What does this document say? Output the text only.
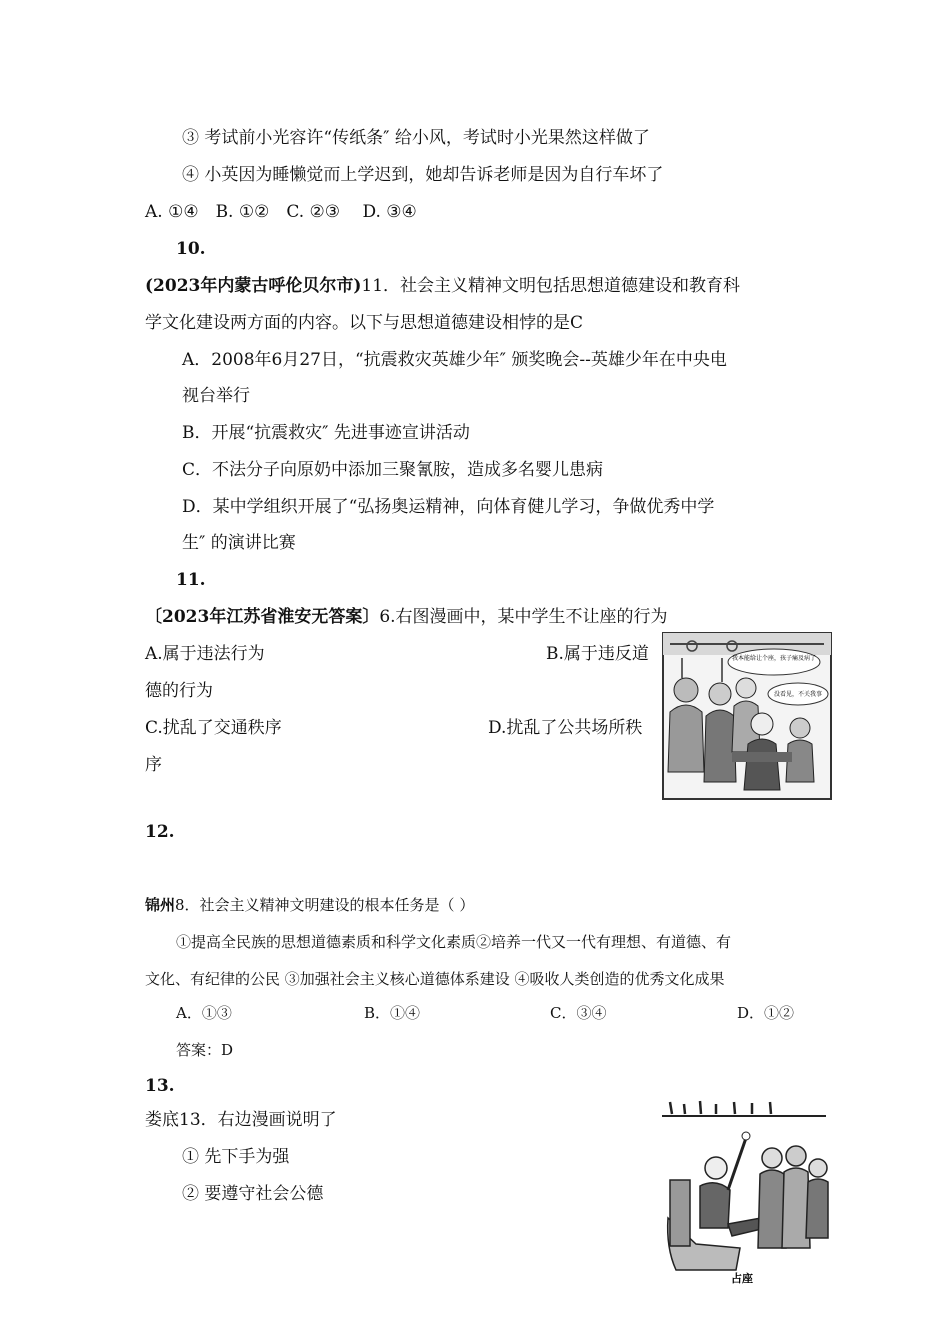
③ 考试前小光容许“传纸条″ 给小风，考试时小光果然这样做了
④ 小英因为睡懒觉而上学迟到，她却告诉老师是因为自行车坏了
A. ①④　B. ①②　C. ②③　 D. ③④
10.
(2023年内蒙古呼伦贝尔市)11．社会主义精神文明包括思想道德建设和教育科
学文化建设两方面的内容。以下与思想道德建设相悖的是C
A．2008年6月27日，“抗震救灾英雄少年″ 颁奖晚会--英雄少年在中央电
视台举行
B．开展“抗震救灾″ 先进事迹宣讲活动
C．不法分子向原奶中添加三聚氰胺，造成多名婴儿患病
D．某中学组织开展了“弘扬奥运精神，向体育健儿学习，争做优秀中学
生″ 的演讲比赛
11.
〔2023年江苏省淮安无答案〕6.右图漫画中，某中学生不让座的行为
A.属于违法行为	B.属于违反道
德的行为
C.扰乱了交通秩序	D.扰乱了公共场所秩
序
我本能给让个座，孩子痛及病了
没看见，不关我事
12.
锦州8．社会主义精神文明建设的根本任务是（ ）
①提高全民族的思想道德素质和科学文化素质②培养一代又一代有理想、有道德、有
文化、有纪律的公民 ③加强社会主义核心道德体系建设 ④吸收人类创造的优秀文化成果
A．①③	B．①④	C．③④	D．①②
答案：D
13.
娄底13．右边漫画说明了
① 先下手为强
② 要遵守社会公德
占座
